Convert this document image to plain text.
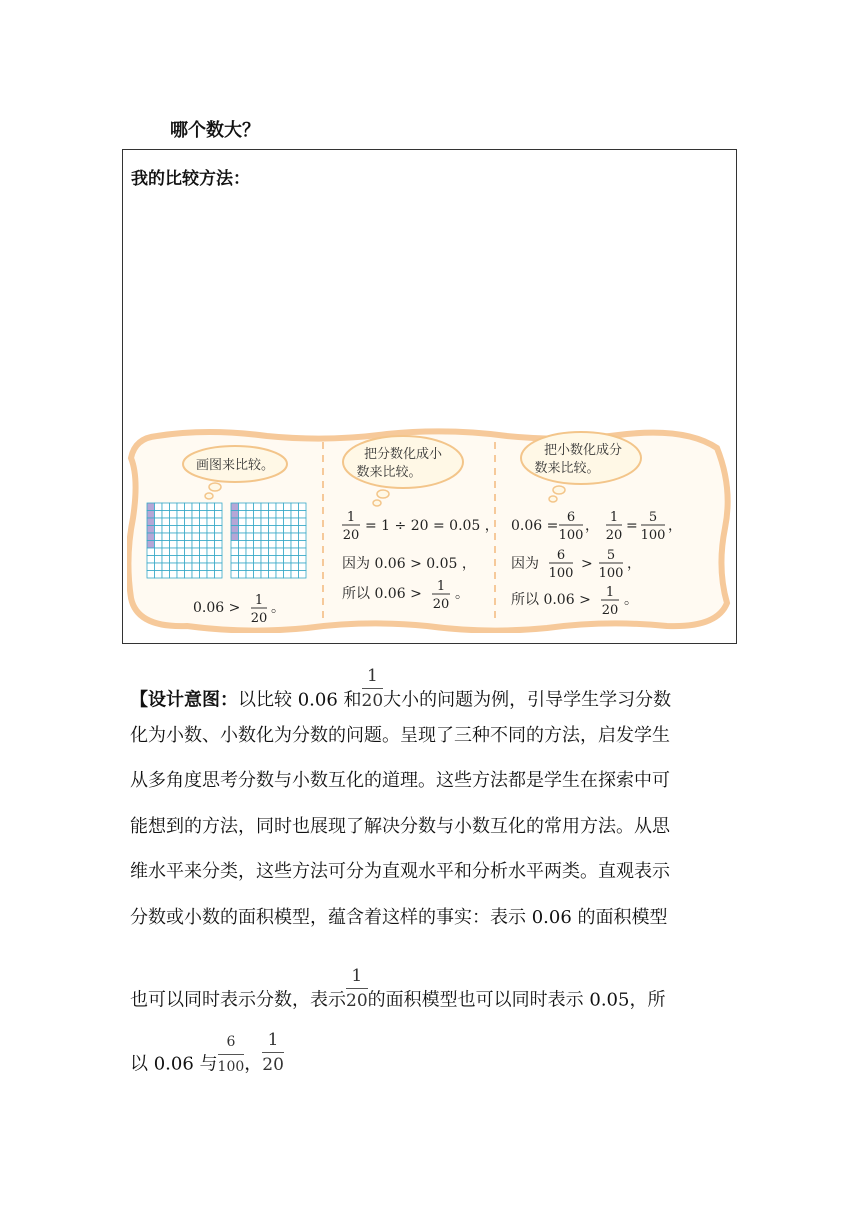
哪个数大？
我的比较方法：
画图来比较。
把分数化成小
数来比较。
把小数化成分
数来比较。
0.06 > 1
20
。
1
20
= 1 ÷ 20 = 0.05 ，
因为 0.06 > 0.05 ，
所以 0.06 > 1
20
。
0.06 =
6
100
，
1
20
=
5
100
，
因为
6
100
>
5
100
，
所以 0.06 > 1
20
。
【设计意图：以比较 0.06 和 $\frac{1}{20}$ 大小的问题为例，引导学生学习分数
化为小数、小数化为分数的问题。呈现了三种不同的方法，启发学生
从多角度思考分数与小数互化的道理。这些方法都是学生在探索中可
能想到的方法，同时也展现了解决分数与小数互化的常用方法。从思
维水平来分类，这些方法可分为直观水平和分析水平两类。直观表示
分数或小数的面积模型，蕴含着这样的事实：表示 0.06 的面积模型
也可以同时表示分数，表示 $\frac{1}{20}$ 的面积模型也可以同时表示 0.05，所
以 0.06 与 $\frac{6}{100}$ ， $\frac{1}{20}$
